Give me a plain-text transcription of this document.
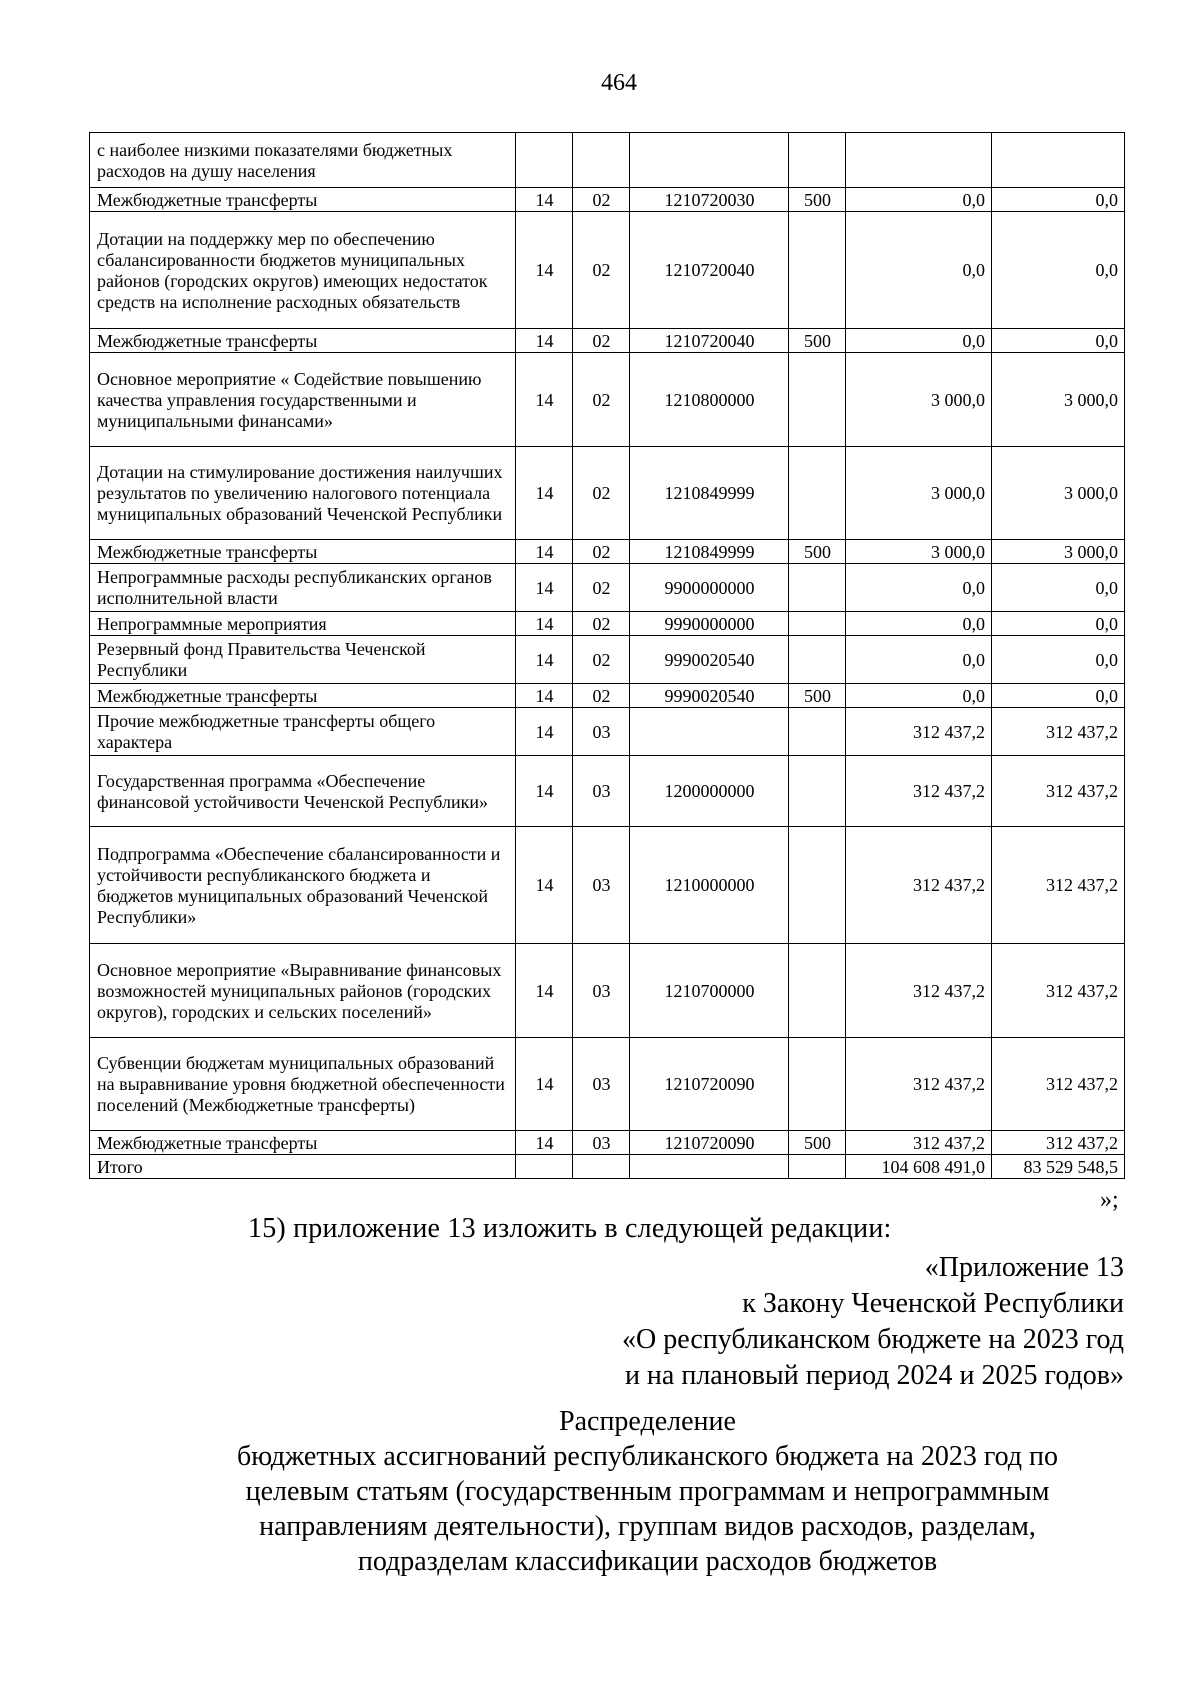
464
с наиболее низкими показателями бюджетных расходов на душу населения						
Межбюджетные трансферты	14	02	1210720030	500	0,0	0,0
Дотации на поддержку мер по обеспечению сбалансированности бюджетов муниципальных районов (городских округов) имеющих недостаток средств на исполнение расходных обязательств	14	02	1210720040		0,0	0,0
Межбюджетные трансферты	14	02	1210720040	500	0,0	0,0
Основное мероприятие « Содействие повышению качества управления государственными и муниципальными финансами»	14	02	1210800000		3 000,0	3 000,0
Дотации на стимулирование достижения наилучших результатов по увеличению налогового потенциала муниципальных образований Чеченской Республики	14	02	1210849999		3 000,0	3 000,0
Межбюджетные трансферты	14	02	1210849999	500	3 000,0	3 000,0
Непрограммные расходы республиканских органов исполнительной власти	14	02	9900000000		0,0	0,0
Непрограммные мероприятия	14	02	9990000000		0,0	0,0
Резервный фонд Правительства Чеченской Республики	14	02	9990020540		0,0	0,0
Межбюджетные трансферты	14	02	9990020540	500	0,0	0,0
Прочие межбюджетные трансферты общего характера	14	03			312 437,2	312 437,2
Государственная программа «Обеспечение финансовой устойчивости Чеченской Республики»	14	03	1200000000		312 437,2	312 437,2
Подпрограмма «Обеспечение сбалансированности и устойчивости республиканского бюджета и бюджетов муниципальных образований Чеченской Республики»	14	03	1210000000		312 437,2	312 437,2
Основное мероприятие «Выравнивание финансовых возможностей муниципальных районов (городских округов), городских и сельских поселений»	14	03	1210700000		312 437,2	312 437,2
Субвенции бюджетам муниципальных образований на выравнивание уровня бюджетной обеспеченности поселений (Межбюджетные трансферты)	14	03	1210720090		312 437,2	312 437,2
Межбюджетные трансферты	14	03	1210720090	500	312 437,2	312 437,2
Итого					104 608 491,0	83 529 548,5
»;
15) приложение 13 изложить в следующей редакции:
«Приложение 13
к Закону Чеченской Республики
«О республиканском бюджете на 2023 год
и на плановый период 2024 и 2025 годов»
Распределение
бюджетных ассигнований республиканского бюджета на 2023 год по
целевым статьям (государственным программам и непрограммным
направлениям деятельности), группам видов расходов, разделам,
подразделам классификации расходов бюджетов
